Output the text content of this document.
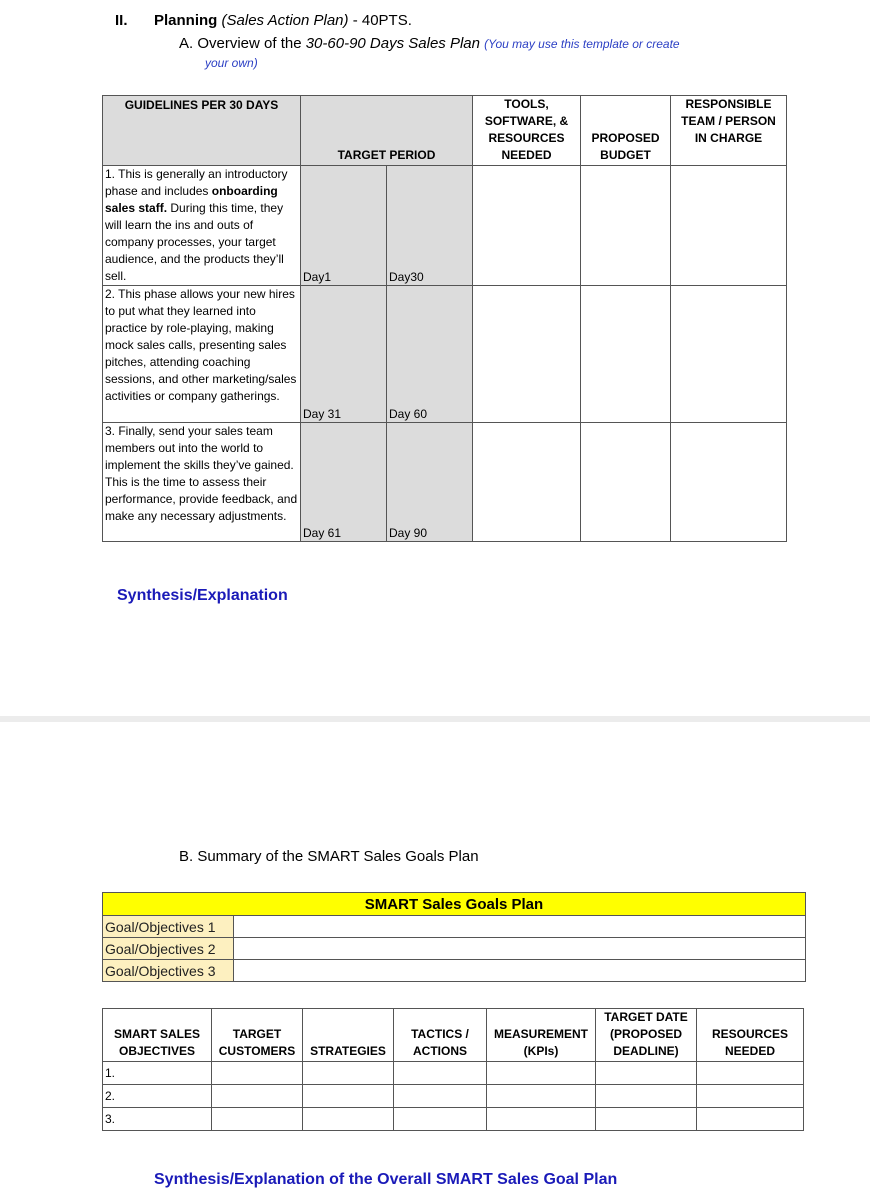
II. Planning (Sales Action Plan) - 40PTS.
A. Overview of the 30-60-90 Days Sales Plan (You may use this template or create
your own)
GUIDELINES PER 30 DAYS	TARGET PERIOD		TOOLS,
SOFTWARE, &
RESOURCES
NEEDED	PROPOSED
BUDGET	RESPONSIBLE
TEAM / PERSON
IN CHARGE
1. This is generally an introductory phase and includes onboarding sales staff. During this time, they will learn the ins and outs of company processes, your target audience, and the products they’ll sell.	Day1	Day30			
2. This phase allows your new hires to put what they learned into practice by role-playing, making mock sales calls, presenting sales pitches, attending coaching sessions, and other marketing/sales activities or company gatherings.	Day 31	Day 60			
3. Finally, send your sales team members out into the world to implement the skills they’ve gained. This is the time to assess their performance, provide feedback, and make any necessary adjustments.	Day 61	Day 90			
Synthesis/Explanation
B. Summary of the SMART Sales Goals Plan
SMART Sales Goals Plan	
Goal/Objectives 1	
Goal/Objectives 2	
Goal/Objectives 3	
SMART SALES
OBJECTIVES	TARGET
CUSTOMERS	STRATEGIES	TACTICS /
ACTIONS	MEASUREMENT
(KPIs)	TARGET DATE
(PROPOSED
DEADLINE)	RESOURCES
NEEDED
1.						
2.						
3.						
Synthesis/Explanation of the Overall SMART Sales Goal Plan
